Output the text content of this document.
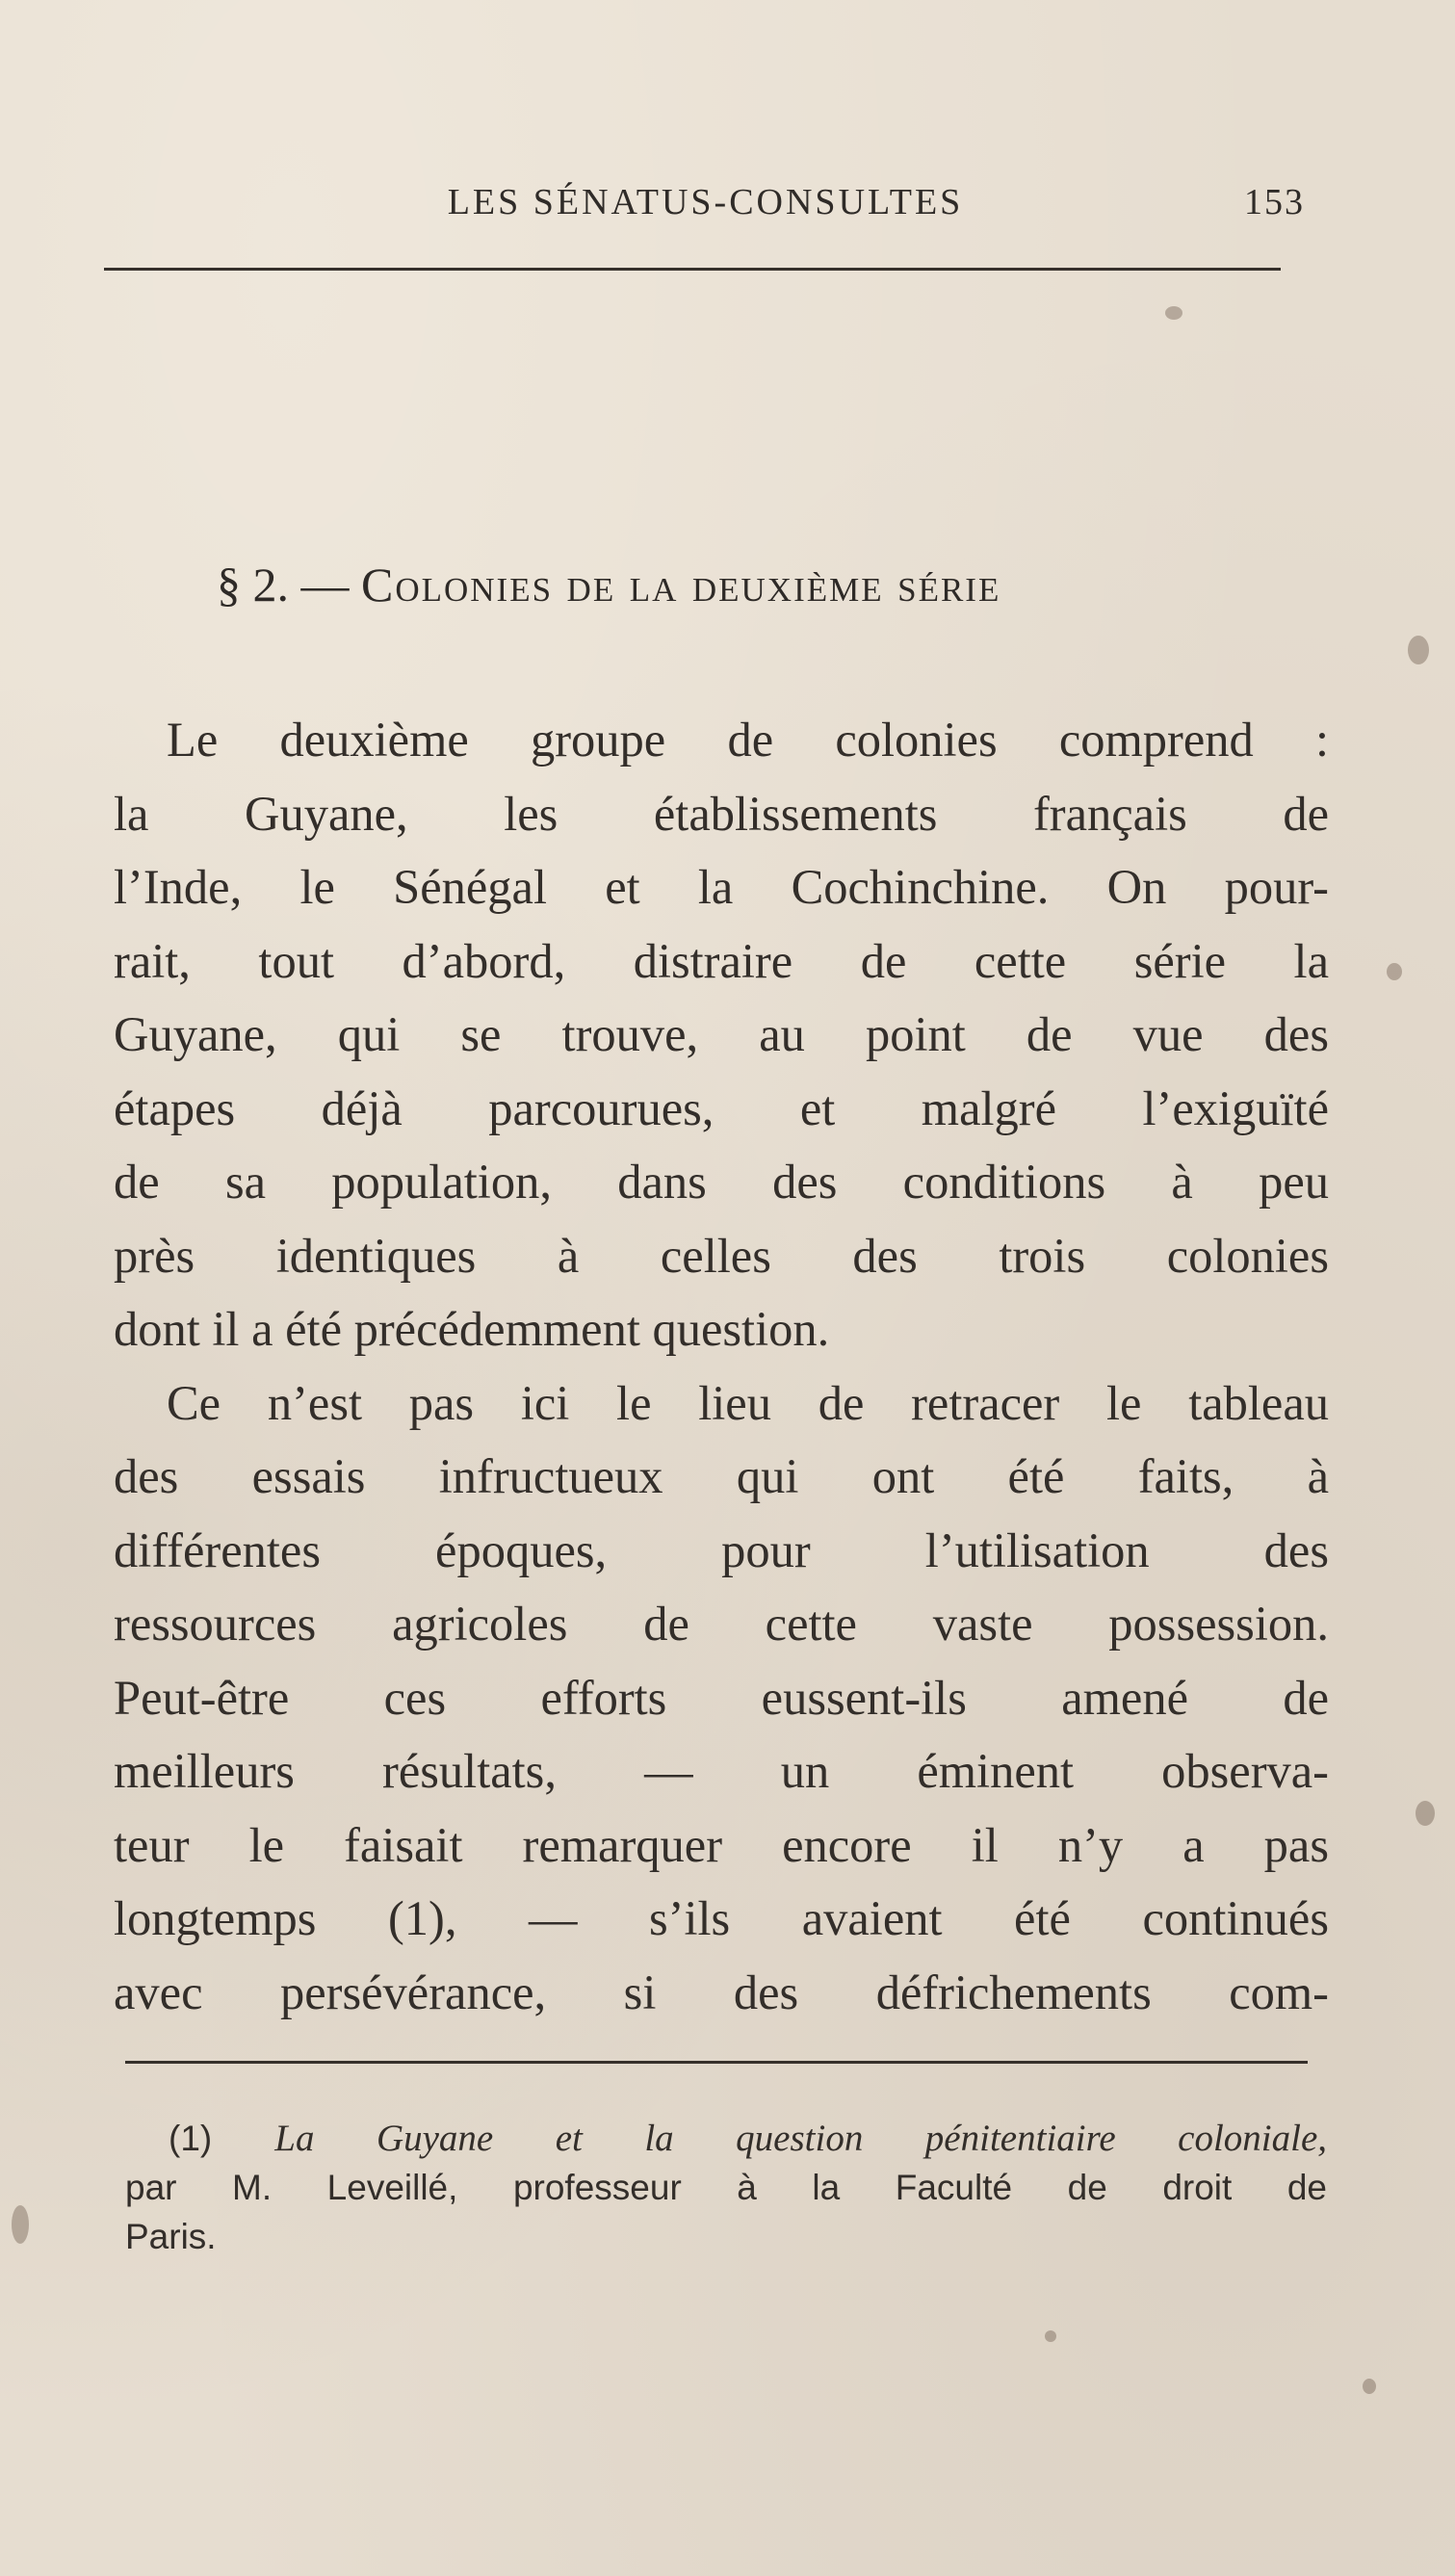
LES SÉNATUS-CONSULTES	153
§ 2. — Colonies de la deuxième série
Le deuxième groupe de colonies comprend :
la Guyane, les établissements français de
l’Inde, le Sénégal et la Cochinchine. On pour-
rait, tout d’abord, distraire de cette série la
Guyane, qui se trouve, au point de vue des
étapes déjà parcourues, et malgré l’exiguïté
de sa population, dans des conditions à peu
près identiques à celles des trois colonies
dont il a été précédemment question.
Ce n’est pas ici le lieu de retracer le tableau
des essais infructueux qui ont été faits, à
différentes époques, pour l’utilisation des
ressources agricoles de cette vaste possession.
Peut-être ces efforts eussent-ils amené de
meilleurs résultats, — un éminent observa-
teur le faisait remarquer encore il n’y a pas
longtemps (1), — s’ils avaient été continués
avec persévérance, si des défrichements com-
(1) La Guyane et la question pénitentiaire coloniale,
par M. Leveillé, professeur à la Faculté de droit de
Paris.
